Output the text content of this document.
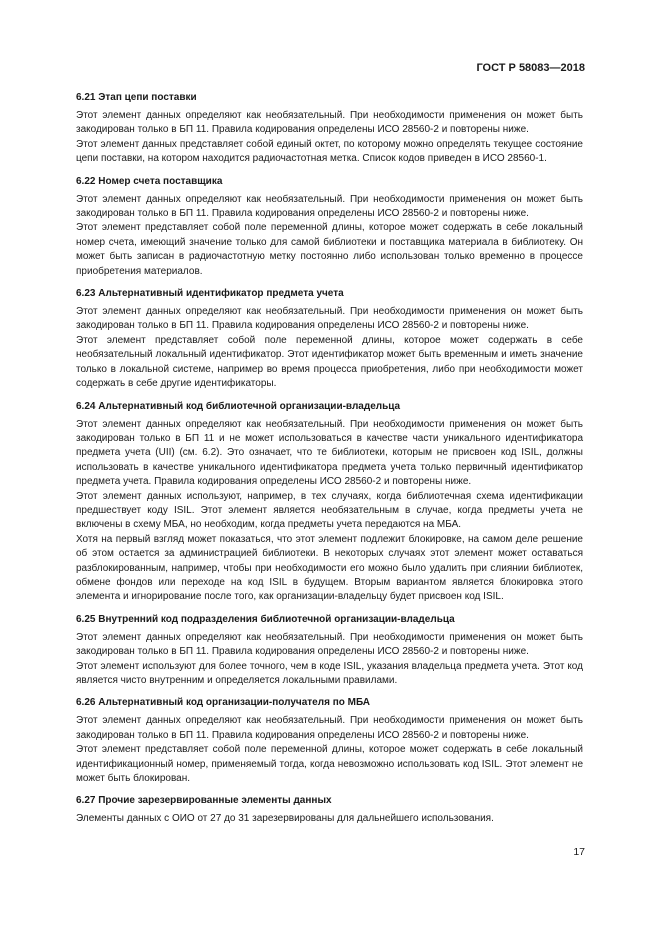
ГОСТ Р 58083—2018
6.21 Этап цепи поставки

Этот элемент данных определяют как необязательный. При необходимости применения он может быть закодирован только в БП 11. Правила кодирования определены ИСО 28560-2 и повторены ниже.

Этот элемент данных представляет собой единый октет, по которому можно определять текущее состояние цепи поставки, на котором находится радиочастотная метка. Список кодов приведен в ИСО 28560-1.

6.22 Номер счета поставщика

Этот элемент данных определяют как необязательный. При необходимости применения он может быть закодирован только в БП 11. Правила кодирования определены ИСО 28560-2 и повторены ниже.

Этот элемент представляет собой поле переменной длины, которое может содержать в себе локальный номер счета, имеющий значение только для самой библиотеки и поставщика материала в библиотеку. Он может быть записан в радиочастотную метку постоянно либо использован только временно в процессе приобретения материалов.

6.23 Альтернативный идентификатор предмета учета

Этот элемент данных определяют как необязательный. При необходимости применения он может быть закодирован только в БП 11. Правила кодирования определены ИСО 28560-2 и повторены ниже.

Этот элемент представляет собой поле переменной длины, которое может содержать в себе необязательный локальный идентификатор. Этот идентификатор может быть временным и иметь значение только в локальной системе, например во время процесса приобретения, либо при необходимости может содержать в себе другие идентификаторы.

6.24 Альтернативный код библиотечной организации-владельца

Этот элемент данных определяют как необязательный. При необходимости применения он может быть закодирован только в БП 11 и не может использоваться в качестве части уникального идентификатора предмета учета (UII) (см. 6.2). Это означает, что те библиотеки, которым не присвоен код ISIL, должны использовать в качестве уникального идентификатора предмета учета только первичный идентификатор предмета учета. Правила кодирования определены ИСО 28560-2 и повторены ниже.

Этот элемент данных используют, например, в тех случаях, когда библиотечная схема идентификации предшествует коду ISIL. Этот элемент является необязательным в случае, когда предметы учета не включены в схему МБА, но необходим, когда предметы учета передаются на МБА.

Хотя на первый взгляд может показаться, что этот элемент подлежит блокировке, на самом деле решение об этом остается за администрацией библиотеки. В некоторых случаях этот элемент может оставаться разблокированным, например, чтобы при необходимости его можно было удалить при слиянии библиотек, обмене фондов или переходе на код ISIL в будущем. Вторым вариантом является блокировка этого элемента и игнорирование после того, как организации-владельцу будет присвоен код ISIL.

6.25 Внутренний код подразделения библиотечной организации-владельца

Этот элемент данных определяют как необязательный. При необходимости применения он может быть закодирован только в БП 11. Правила кодирования определены ИСО 28560-2 и повторены ниже.

Этот элемент используют для более точного, чем в коде ISIL, указания владельца предмета учета. Этот код является чисто внутренним и определяется локальными правилами.

6.26 Альтернативный код организации-получателя по МБА

Этот элемент данных определяют как необязательный. При необходимости применения он может быть закодирован только в БП 11. Правила кодирования определены ИСО 28560-2 и повторены ниже.

Этот элемент представляет собой поле переменной длины, которое может содержать в себе локальный идентификационный номер, применяемый тогда, когда невозможно использовать код ISIL. Этот элемент не может быть блокирован.

6.27 Прочие зарезервированные элементы данных

Элементы данных с ОИО от 27 до 31 зарезервированы для дальнейшего использования.

17
